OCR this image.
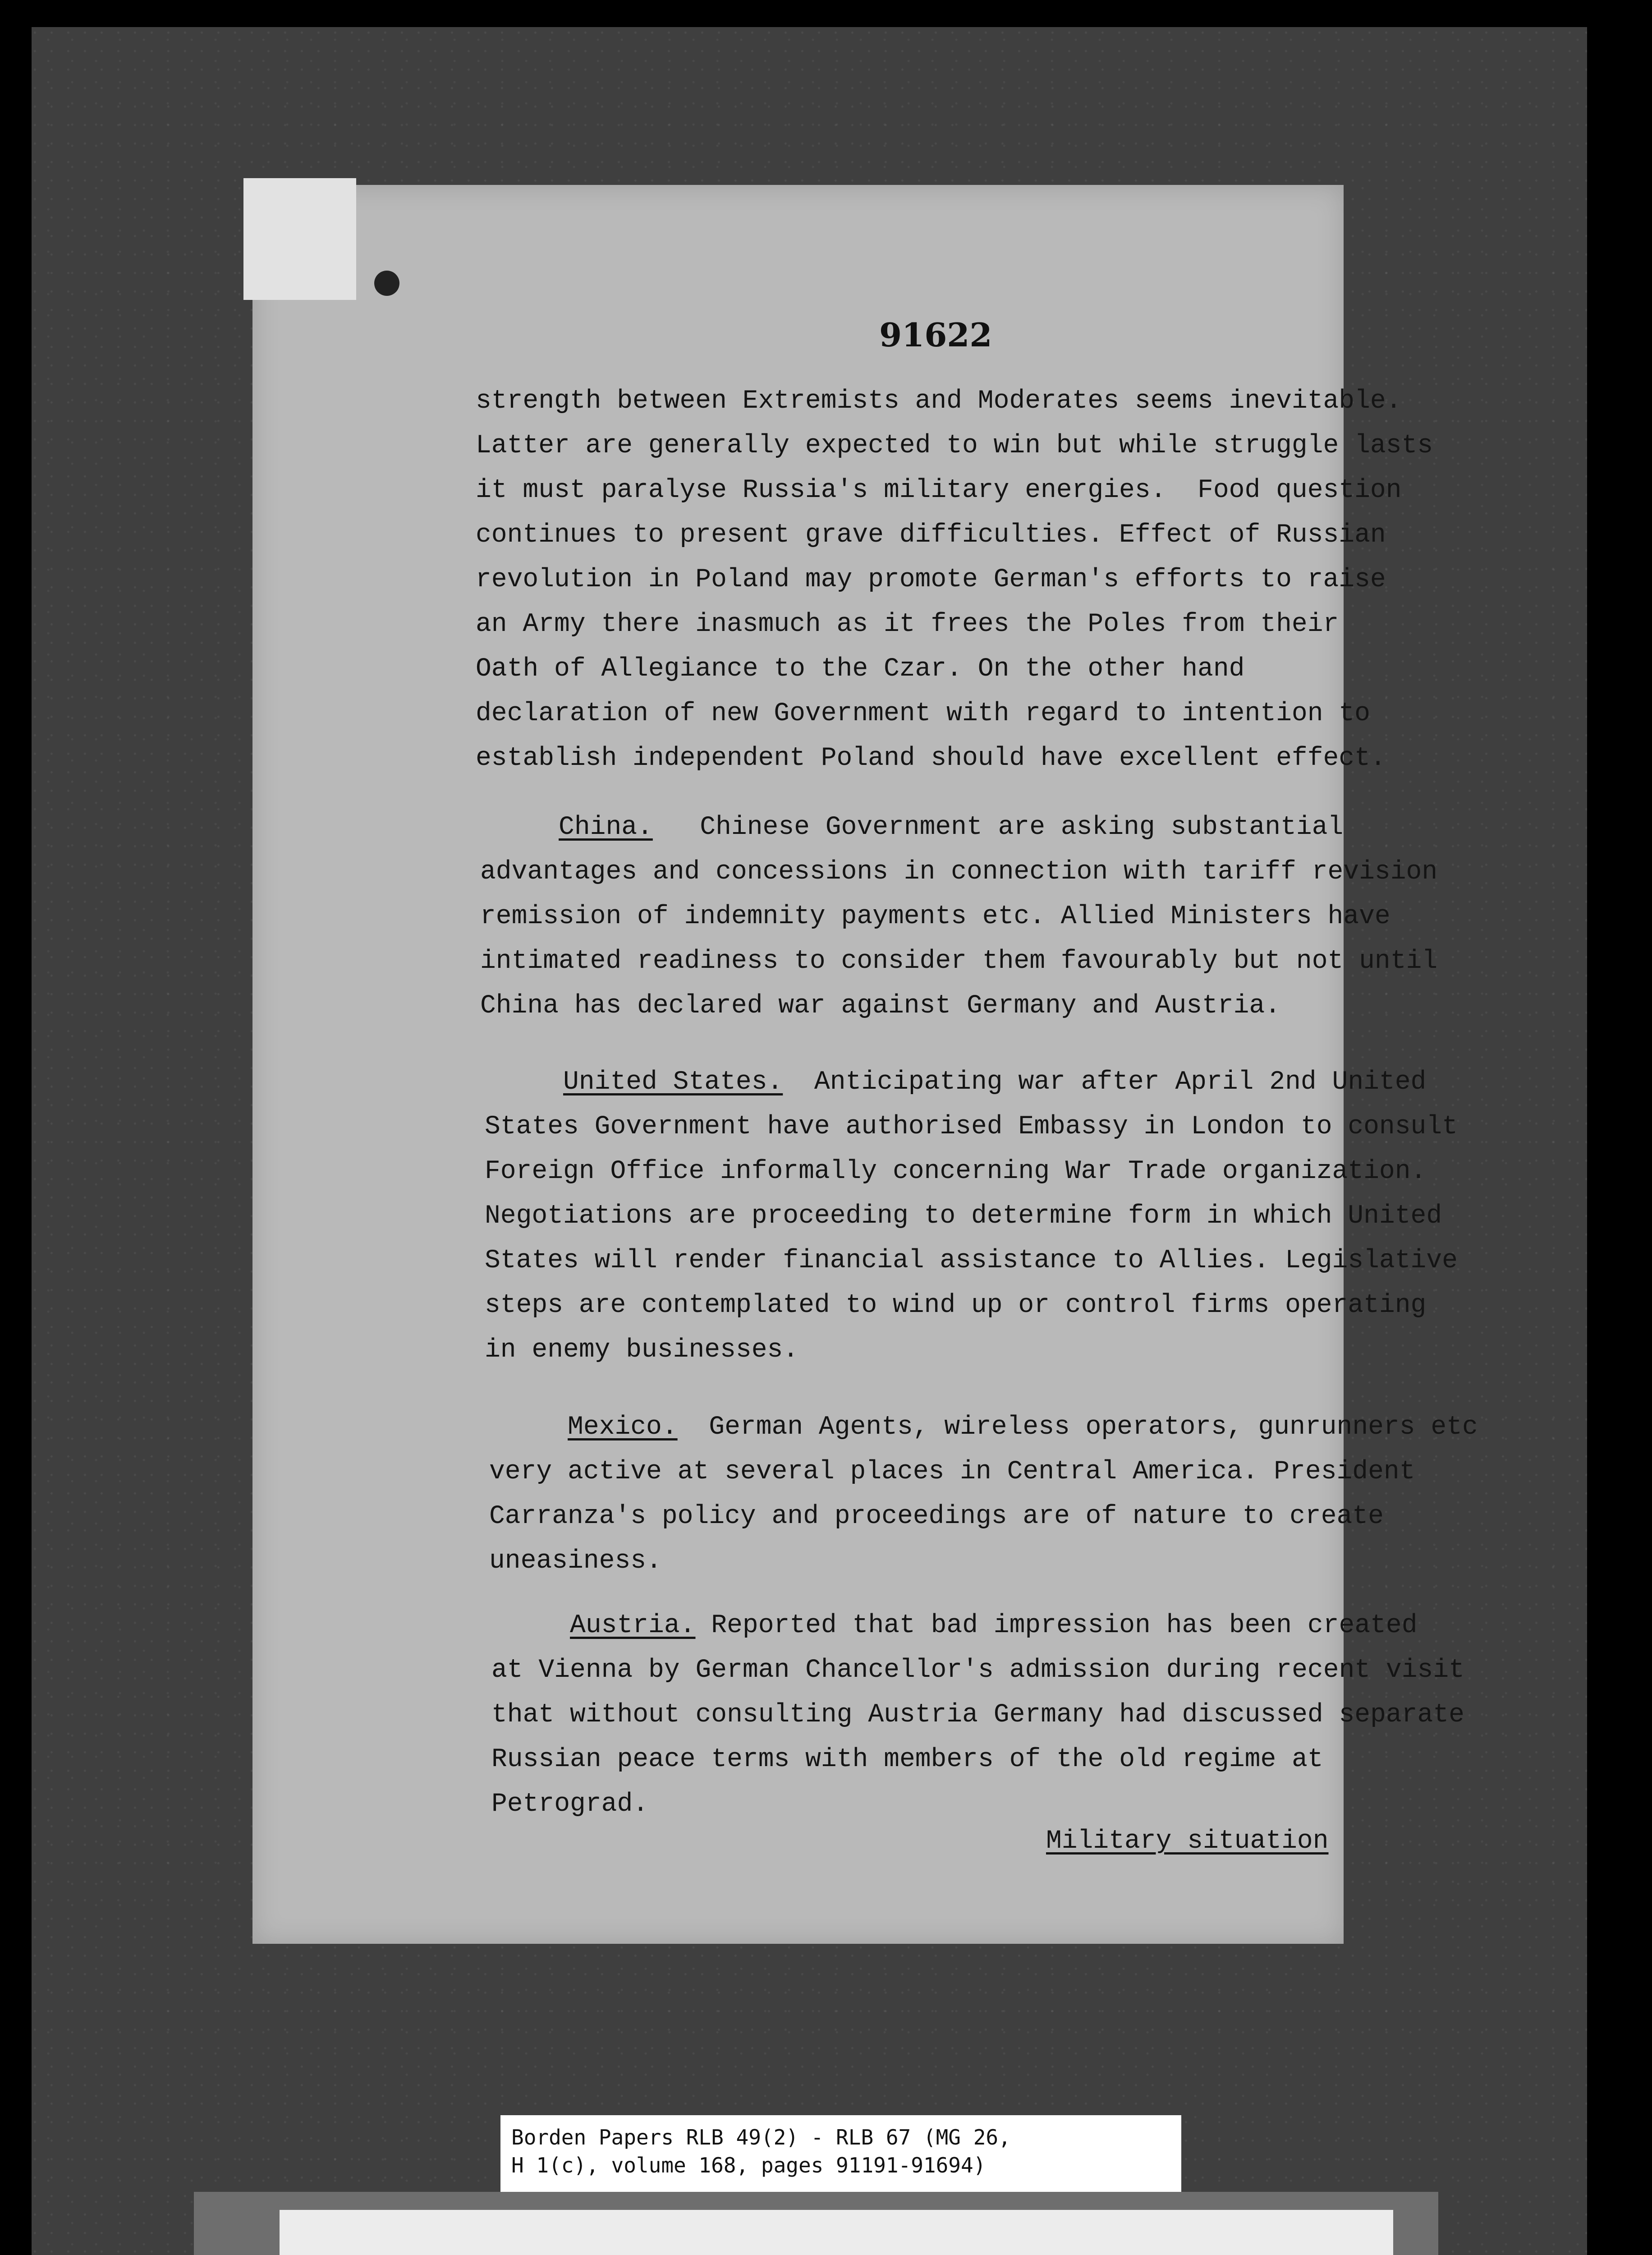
91622

strength between Extremists and Moderates seems inevitable.
Latter are generally expected to win but while struggle lasts
it must paralyse Russia's military energies.  Food question
continues to present grave difficulties. Effect of Russian
revolution in Poland may promote German's efforts to raise
an Army there inasmuch as it frees the Poles from their
Oath of Allegiance to the Czar. On the other hand
declaration of new Government with regard to intention to
establish independent Poland should have excellent effect.

China.   Chinese Government are asking substantial
advantages and concessions in connection with tariff revision
remission of indemnity payments etc. Allied Ministers have
intimated readiness to consider them favourably but not until
China has declared war against Germany and Austria.

United States.  Anticipating war after April 2nd United
States Government have authorised Embassy in London to consult
Foreign Office informally concerning War Trade organization.
Negotiations are proceeding to determine form in which United
States will render financial assistance to Allies. Legislative
steps are contemplated to wind up or control firms operating
in enemy businesses.

Mexico.  German Agents, wireless operators, gunrunners etc
very active at several places in Central America. President
Carranza's policy and proceedings are of nature to create
uneasiness.

Austria. Reported that bad impression has been created
at Vienna by German Chancellor's admission during recent visit
that without consulting Austria Germany had discussed separate
Russian peace terms with members of the old regime at
Petrograd.

Military situation

Borden Papers RLB 49(2) - RLB 67 (MG 26,
H 1(c), volume 168, pages 91191-91694)
